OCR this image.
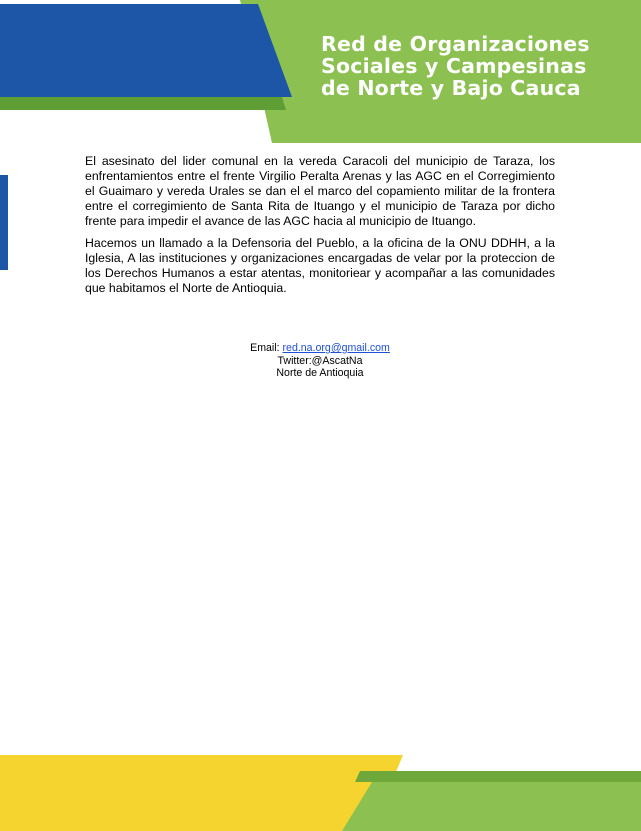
Red de Organizaciones
Sociales y Campesinas
de Norte y Bajo Cauca

El asesinato del lider comunal en la vereda Caracoli del municipio de Taraza, los enfrentamientos entre el frente Virgilio Peralta Arenas y las AGC en el Corregimiento el Guaimaro y vereda Urales se dan el el marco del copamiento militar de la frontera entre el corregimiento de Santa Rita de Ituango y el municipio de Taraza por dicho frente para impedir el avance de las AGC hacia al municipio de Ituango.

Hacemos un llamado a la Defensoria del Pueblo, a la oficina de la ONU DDHH, a la Iglesia, A las instituciones y organizaciones encargadas de velar por la proteccion de los Derechos Humanos a estar atentas, monitoriear y acompañar a las comunidades que habitamos el Norte de Antioquia.

Email: red.na.org@gmail.com
Twitter:@AscatNa
Norte de Antioquia
